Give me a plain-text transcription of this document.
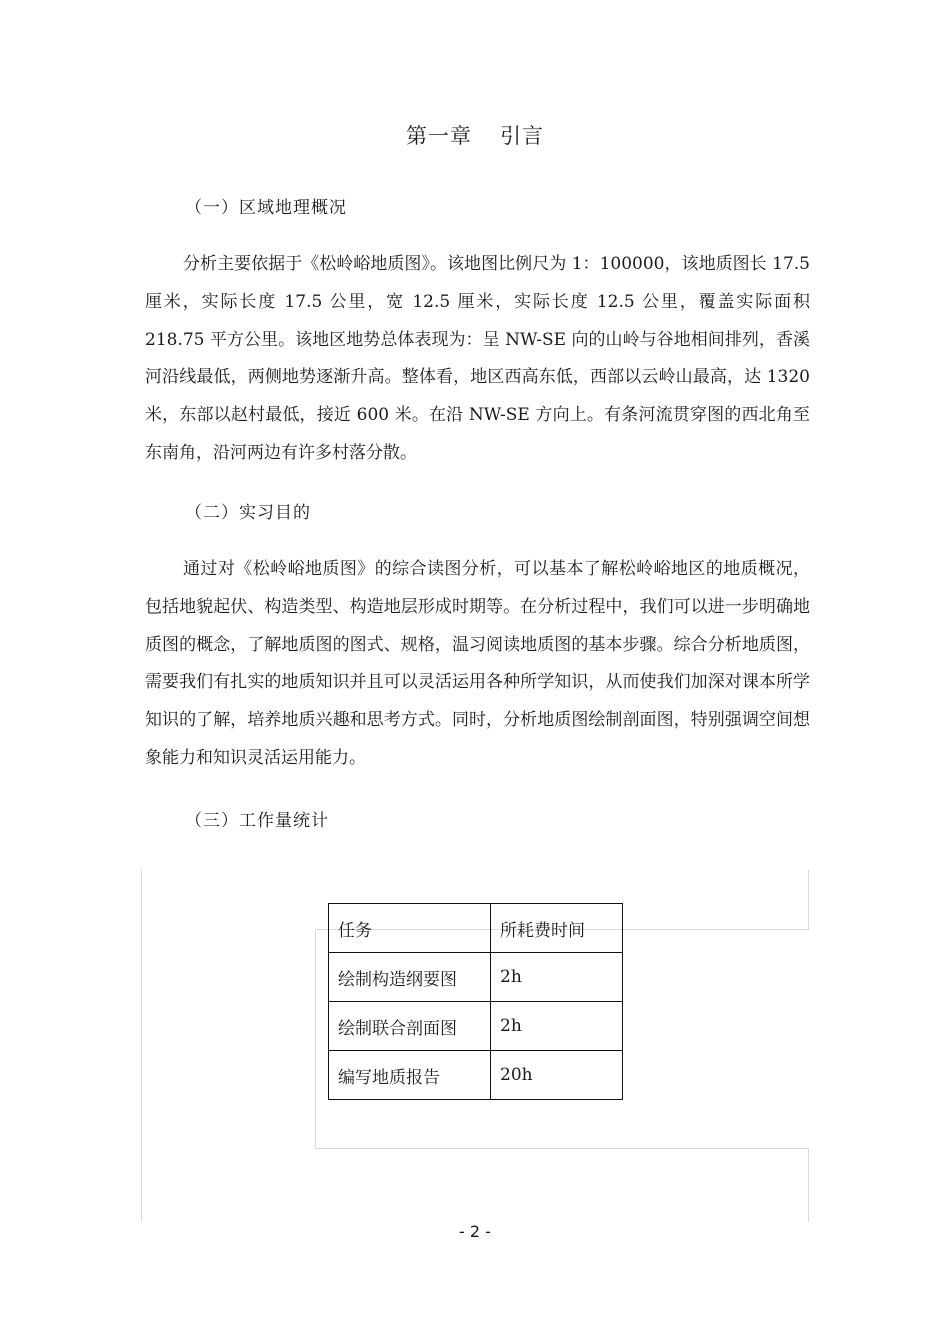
第一章 引言
（一）区域地理概况

分析主要依据于《松岭峪地质图》。该地图比例尺为 1：100000，该地质图长 17.5 厘米，实际长度 17.5 公里，宽 12.5 厘米，实际长度 12.5 公里，覆盖实际面积 218.75 平方公里。该地区地势总体表现为：呈 NW-SE 向的山岭与谷地相间排列，香溪河沿线最低，两侧地势逐渐升高。整体看，地区西高东低，西部以云岭山最高，达 1320 米，东部以赵村最低，接近 600 米。在沿 NW-SE 方向上。有条河流贯穿图的西北角至东南角，沿河两边有许多村落分散。

（二）实习目的

通过对《松岭峪地质图》的综合读图分析，可以基本了解松岭峪地区的地质概况，包括地貌起伏、构造类型、构造地层形成时期等。在分析过程中，我们可以进一步明确地质图的概念，了解地质图的图式、规格，温习阅读地质图的基本步骤。综合分析地质图，需要我们有扎实的地质知识并且可以灵活运用各种所学知识，从而使我们加深对课本所学知识的了解，培养地质兴趣和思考方式。同时，分析地质图绘制剖面图，特别强调空间想象能力和知识灵活运用能力。

（三）工作量统计
任务	所耗费时间
绘制构造纲要图	2h
绘制联合剖面图	2h
编写地质报告	20h
- 2 -
